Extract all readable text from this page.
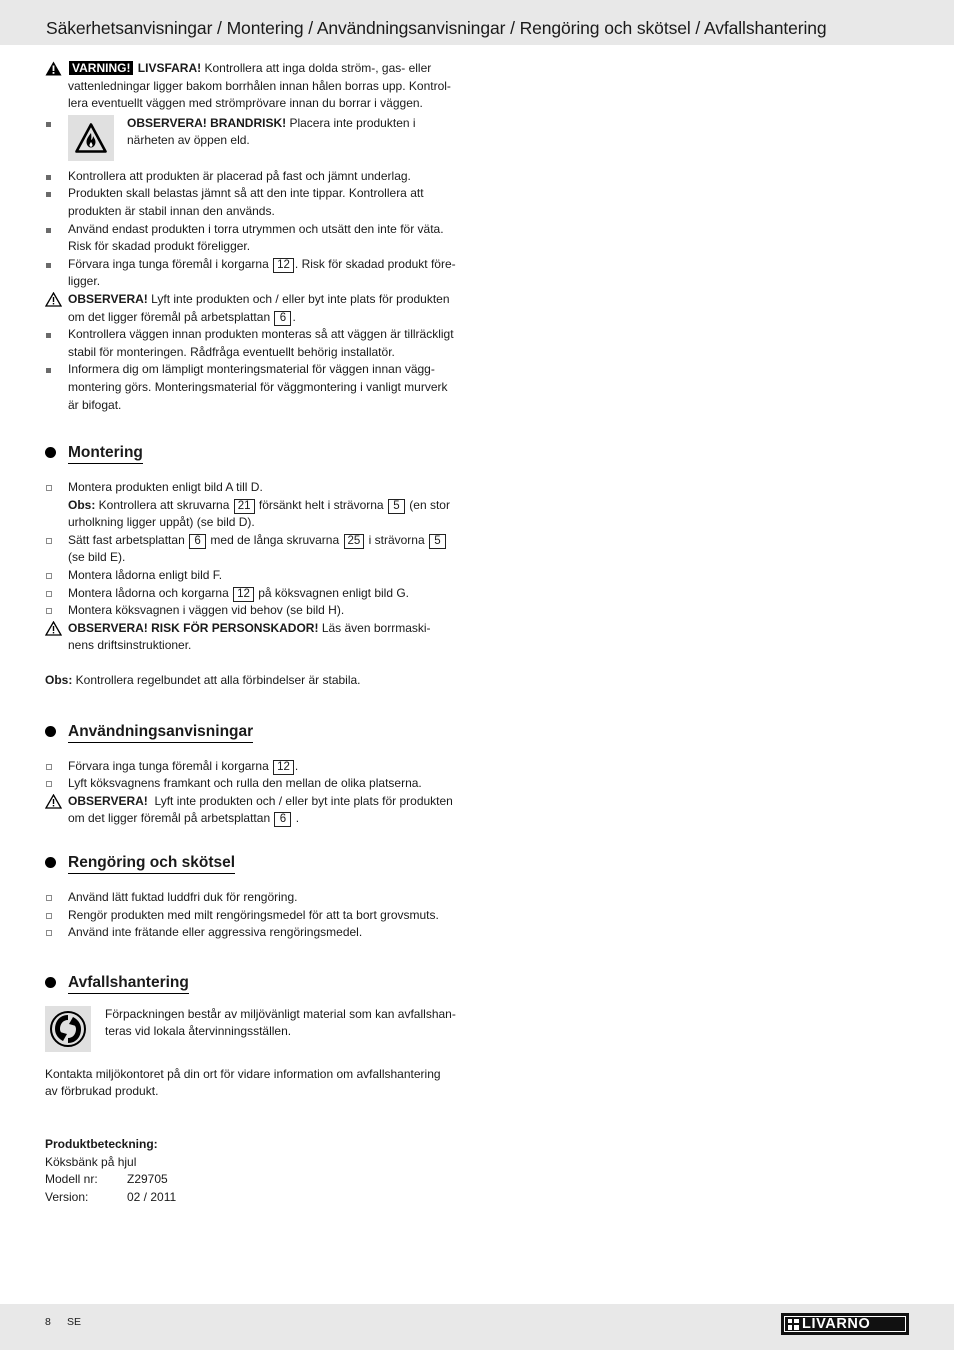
Säkerhetsanvisningar / Montering / Användningsanvisningar / Rengöring och skötsel / Avfallshantering
VARNING! LIVSFARA! Kontrollera att inga dolda ström-, gas- eller
vattenledningar ligger bakom borrhålen innan hålen borras upp. Kontrol-
lera eventuellt väggen med strömprövare innan du borrar i väggen.
OBSERVERA! BRANDRISK! Placera inte produkten i
närheten av öppen eld.
Kontrollera att produkten är placerad på fast och jämnt underlag.
Produkten skall belastas jämnt så att den inte tippar. Kontrollera att
produkten är stabil innan den används.
Använd endast produkten i torra utrymmen och utsätt den inte för väta.
Risk för skadad produkt föreligger.
Förvara inga tunga föremål i korgarna 12 . Risk för skadad produkt före-
ligger.
OBSERVERA! Lyft inte produkten och / eller byt inte plats för produkten
om det ligger föremål på arbetsplattan 6 .
Kontrollera väggen innan produkten monteras så att väggen är tillräckligt
stabil för monteringen. Rådfråga eventuellt behörig installatör.
Informera dig om lämpligt monteringsmaterial för väggen innan vägg-
montering görs. Monteringsmaterial för väggmontering i vanligt murverk
är bifogat.
Montering
Montera produkten enligt bild A till D.
Obs: Kontrollera att skruvarna 21 försänkt helt i strävorna 5 (en stor
urholkning ligger uppåt) (se bild D).
Sätt fast arbetsplattan 6 med de långa skruvarna 25 i strävorna 5
(se bild E).
Montera lådorna enligt bild F.
Montera lådorna och korgarna 12 på köksvagnen enligt bild G.
Montera köksvagnen i väggen vid behov (se bild H).
OBSERVERA! RISK FÖR PERSONSKADOR! Läs även borrmaski-
nens driftsinstruktioner.
Obs: Kontrollera regelbundet att alla förbindelser är stabila.
Användningsanvisningar
Förvara inga tunga föremål i korgarna 12 .
Lyft köksvagnens framkant och rulla den mellan de olika platserna.
OBSERVERA!  Lyft inte produkten och / eller byt inte plats för produkten
om det ligger föremål på arbetsplattan 6 .
Rengöring och skötsel
Använd lätt fuktad luddfri duk för rengöring.
Rengör produkten med milt rengöringsmedel för att ta bort grovsmuts.
Använd inte frätande eller aggressiva rengöringsmedel.
Avfallshantering
Förpackningen består av miljövänligt material som kan avfallshan-
teras vid lokala återvinningsställen.
Kontakta miljökontoret på din ort för vidare information om avfallshantering
av förbrukad produkt.
Produktbeteckning:
Köksbänk på hjul
Modell nr: Z29705
Version:	02 / 2011
8 SE	LIVARNO
